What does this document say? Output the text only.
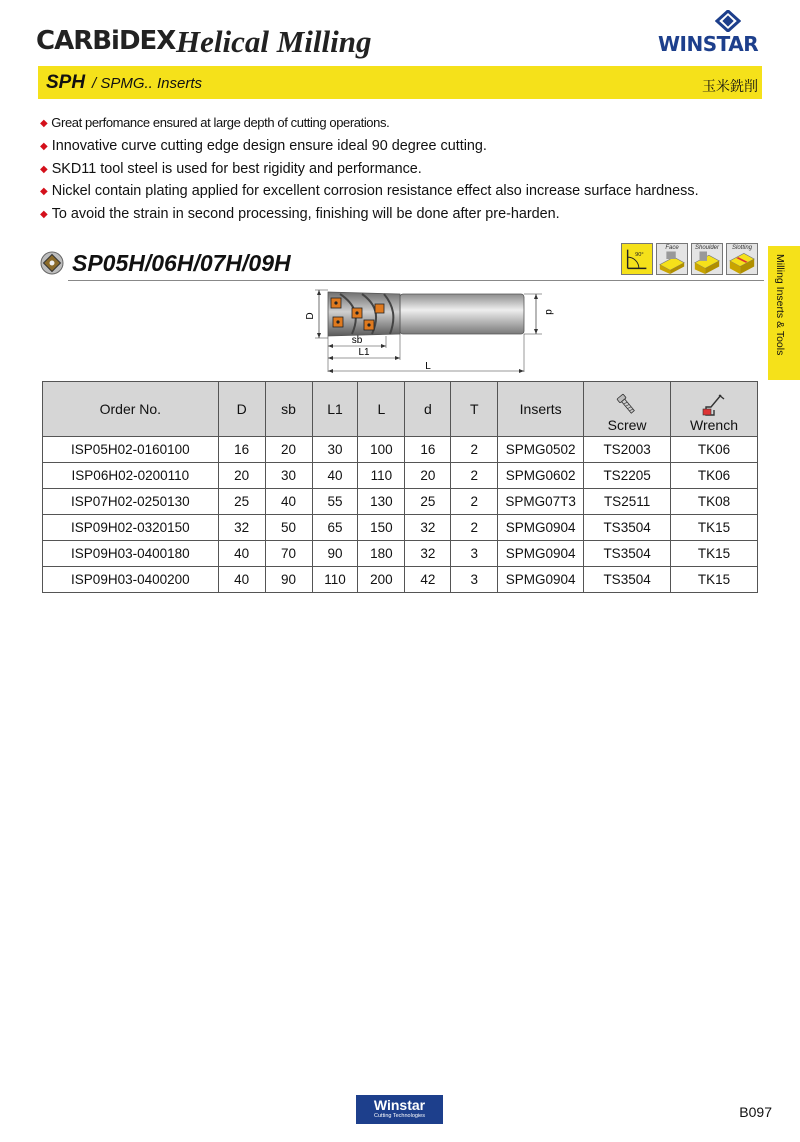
CARBiDEX Helical Milling	WINSTAR
SPH / SPMG.. Inserts	玉米銑削
◆ Great perfomance ensured at large depth of cutting operations.
◆ Innovative curve cutting edge design ensure ideal 90 degree cutting.
◆ SKD11 tool steel is used for best rigidity and performance.
◆ Nickel contain plating applied for excellent corrosion resistance effect also increase surface hardness.
◆ To avoid the strain in second processing, finishing will be done after pre-harden.
SP05H/06H/07H/09H	90°
Face	Shoulder	Slotting
Milling Inserts & Tools
D
d
sb
L1
L
Order No.	D	sb	L1	L	d	T	Inserts	Screw	Wrench
ISP05H02-0160100	16	20	30	100	16	2	SPMG0502	TS2003	TK06
ISP06H02-0200110	20	30	40	110	20	2	SPMG0602	TS2205	TK06
ISP07H02-0250130	25	40	55	130	25	2	SPMG07T3	TS2511	TK08
ISP09H02-0320150	32	50	65	150	32	2	SPMG0904	TS3504	TK15
ISP09H03-0400180	40	70	90	180	32	3	SPMG0904	TS3504	TK15
ISP09H03-0400200	40	90	110	200	42	3	SPMG0904	TS3504	TK15
Winstar
Cutting Technologies	B097
